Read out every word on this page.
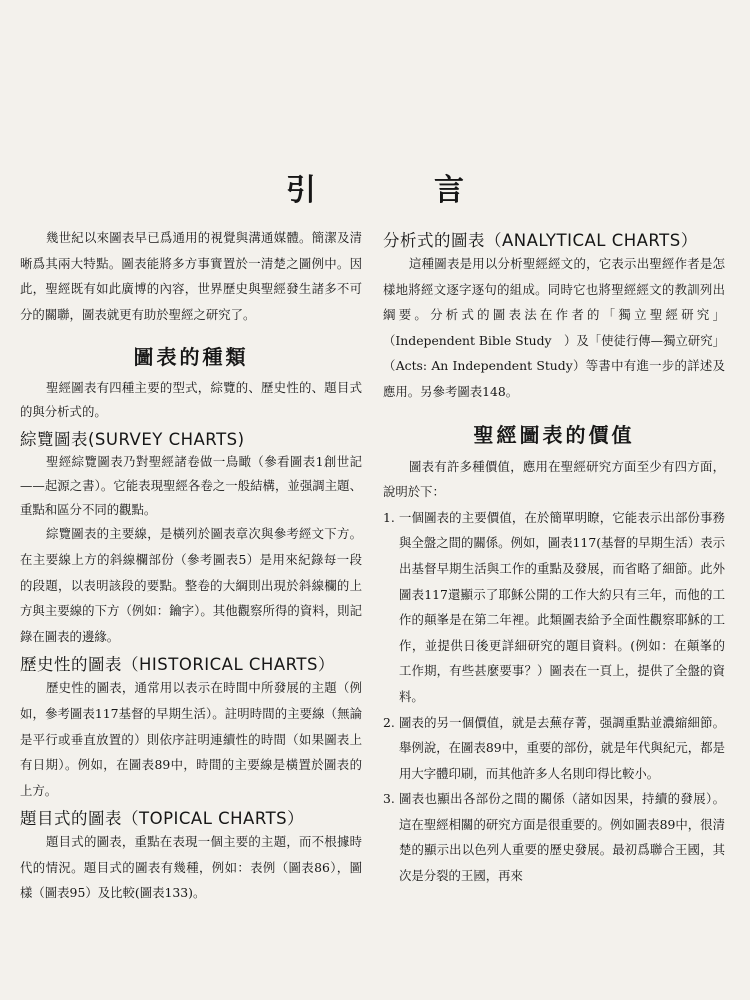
引　言

幾世紀以來圖表早已爲通用的視覺與溝通媒體。簡潔及清晰爲其兩大特點。圖表能將多方事實置於一清楚之圖例中。因此，聖經既有如此廣博的內容，世界歷史與聖經發生諸多不可分的關聯，圖表就更有助於聖經之研究了。

圖表的種類

聖經圖表有四種主要的型式，綜覽的、歷史性的、題目式的與分析式的。

綜覽圖表(SURVEY CHARTS)

聖經綜覽圖表乃對聖經諸卷做一鳥瞰（參看圖表1創世記——起源之書）。它能表現聖經各卷之一般結構，並强調主題、重點和區分不同的觀點。

綜覽圖表的主要線，是橫列於圖表章次與參考經文下方。在主要線上方的斜線欄部份（參考圖表5）是用來紀錄每一段的段題，以表明該段的要點。整卷的大綱則出現於斜線欄的上方與主要線的下方（例如：鑰字）。其他觀察所得的資料，則記錄在圖表的邊緣。

歷史性的圖表（HISTORICAL CHARTS）

歷史性的圖表，通常用以表示在時間中所發展的主題（例如，參考圖表117基督的早期生活）。註明時間的主要線（無論是平行或垂直放置的）則依序註明連續性的時間（如果圖表上有日期）。例如，在圖表89中，時間的主要線是橫置於圖表的上方。

題目式的圖表（TOPICAL CHARTS）

題目式的圖表，重點在表現一個主要的主題，而不根據時代的情況。題目式的圖表有幾種，例如：表例（圖表86），圖樣（圖表95）及比較(圖表133)。

分析式的圖表（ANALYTICAL CHARTS）

這種圖表是用以分析聖經經文的，它表示出聖經作者是怎樣地將經文逐字逐句的組成。同時它也將聖經經文的教訓列出綱要。分析式的圖表法在作者的「獨立聖經研究」（Independent Bible Study　）及「使徒行傳—獨立研究」（Acts: An Independent Study）等書中有進一步的詳述及應用。另參考圖表148。

聖經圖表的價值

圖表有許多種價值，應用在聖經研究方面至少有四方面，說明於下：

1. 一個圖表的主要價值，在於簡單明瞭，它能表示出部份事務與全盤之間的關係。例如，圖表117(基督的早期生活）表示出基督早期生活與工作的重點及發展，而省略了細節。此外圖表117還顯示了耶穌公開的工作大約只有三年，而他的工作的顛峯是在第二年裡。此類圖表給予全面性觀察耶穌的工作，並提供日後更詳細研究的題目資料。(例如：在顛峯的工作期，有些甚麼要事？）圖表在一頁上，提供了全盤的資料。

2. 圖表的另一個價值，就是去蕪存菁，强調重點並濃縮細節。舉例說，在圖表89中，重要的部份，就是年代與紀元，都是用大字體印刷，而其他許多人名則印得比較小。

3. 圖表也顯出各部份之間的關係（諸如因果，持續的發展）。這在聖經相關的研究方面是很重要的。例如圖表89中，很清楚的顯示出以色列人重要的歷史發展。最初爲聯合王國，其次是分裂的王國，再來
